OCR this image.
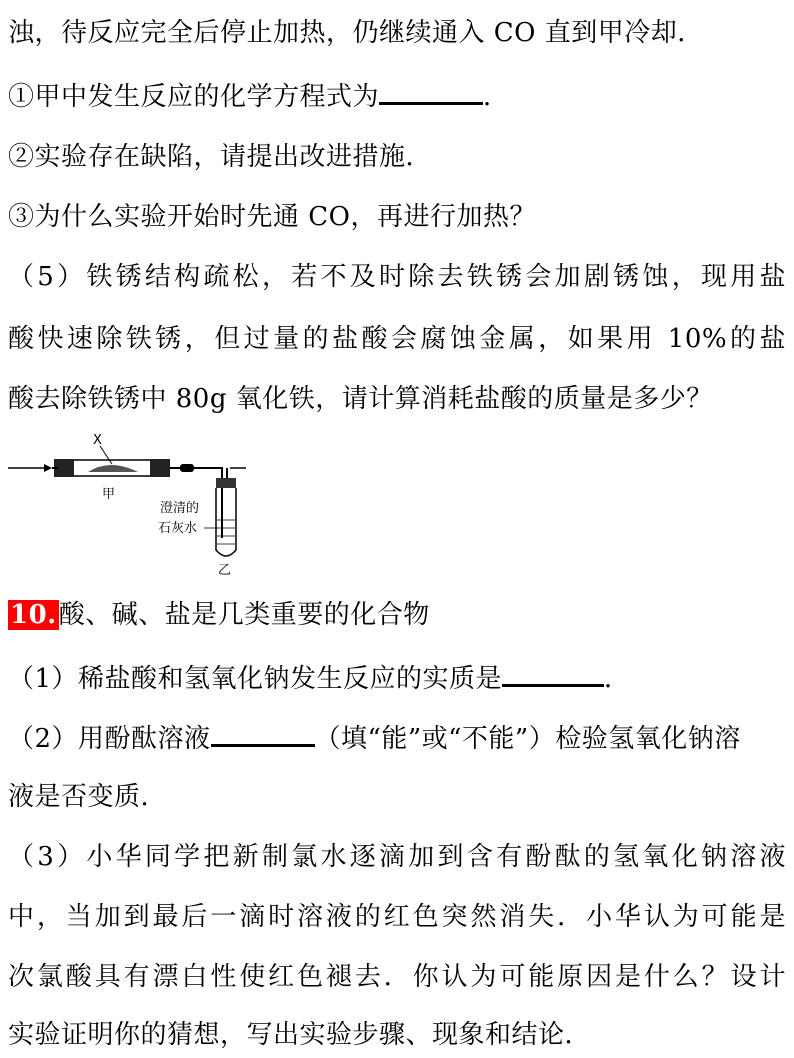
浊，待反应完全后停止加热，仍继续通入 CO 直到甲冷却．
①甲中发生反应的化学方程式为	．
②实验存在缺陷，请提出改进措施．
③为什么实验开始时先通 CO，再进行加热？
（5）铁锈结构疏松，若不及时除去铁锈会加剧锈蚀，现用盐
酸快速除铁锈，但过量的盐酸会腐蚀金属，如果用 10%的盐
酸去除铁锈中 80g 氧化铁，请计算消耗盐酸的质量是多少？
X
甲
澄清的
石灰水
乙
10.酸、碱、盐是几类重要的化合物
（1）稀盐酸和氢氧化钠发生反应的实质是	．
（2）用酚酞溶液	（填“能”或“不能”）检验氢氧化钠溶
液是否变质．
（3）小华同学把新制氯水逐滴加到含有酚酞的氢氧化钠溶液
中，当加到最后一滴时溶液的红色突然消失．小华认为可能是
次氯酸具有漂白性使红色褪去．你认为可能原因是什么？设计
实验证明你的猜想，写出实验步骤、现象和结论．
